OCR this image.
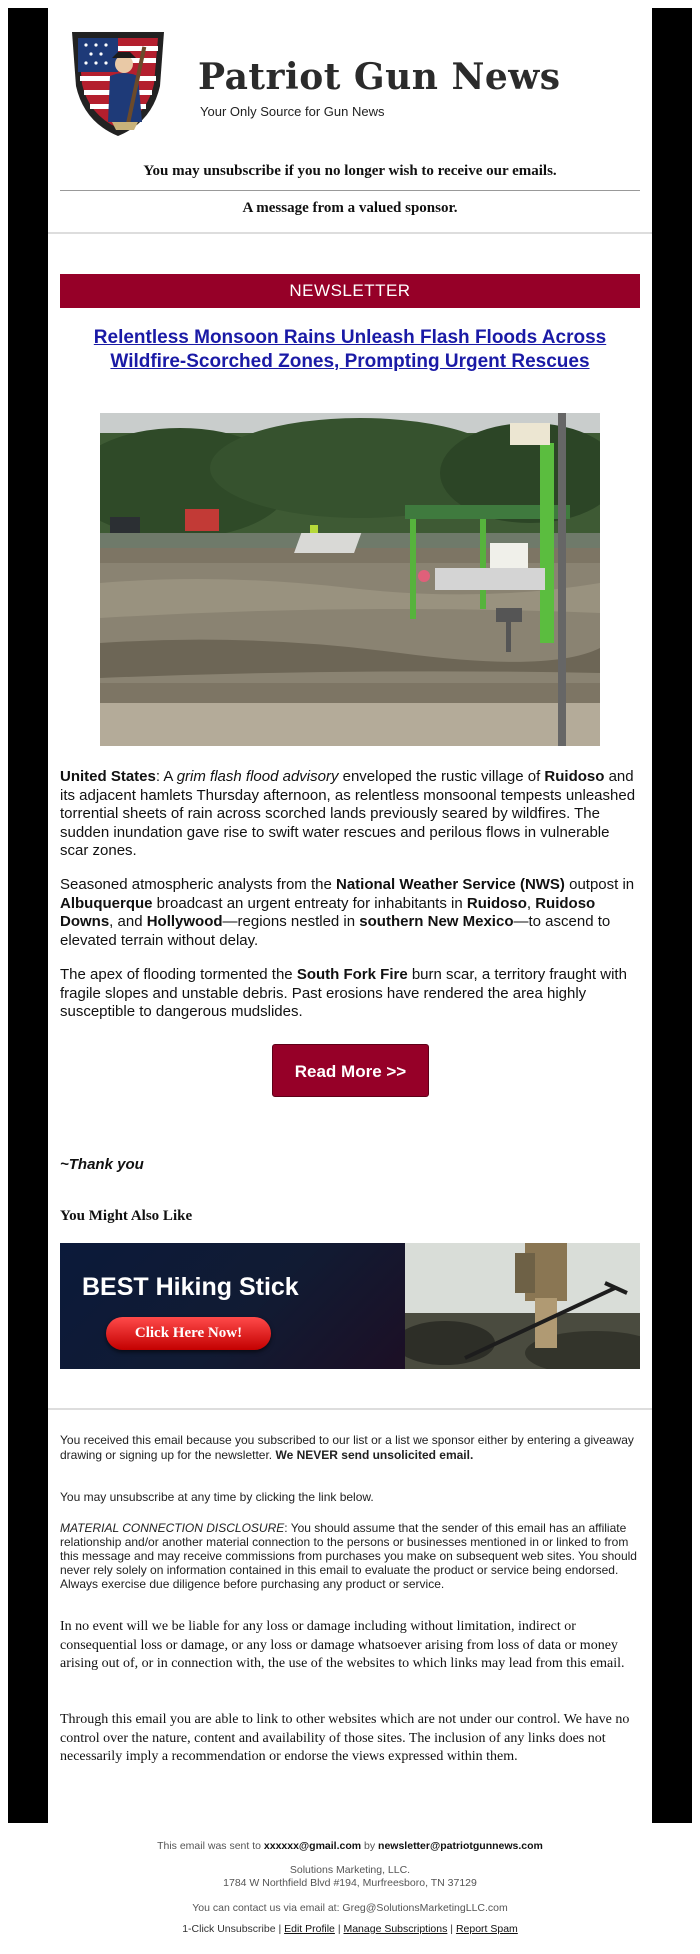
Patriot Gun News
Your Only Source for Gun News
You may unsubscribe if you no longer wish to receive our emails.
A message from a valued sponsor.
NEWSLETTER
Relentless Monsoon Rains Unleash Flash Floods Across Wildfire-Scorched Zones, Prompting Urgent Rescues
United States: A grim flash flood advisory enveloped the rustic village of Ruidoso and its adjacent hamlets Thursday afternoon, as relentless monsoonal tempests unleashed torrential sheets of rain across scorched lands previously seared by wildfires. The sudden inundation gave rise to swift water rescues and perilous flows in vulnerable scar zones.
Seasoned atmospheric analysts from the National Weather Service (NWS) outpost in Albuquerque broadcast an urgent entreaty for inhabitants in Ruidoso, Ruidoso Downs, and Hollywood—regions nestled in southern New Mexico—to ascend to elevated terrain without delay.
The apex of flooding tormented the South Fork Fire burn scar, a territory fraught with fragile slopes and unstable debris. Past erosions have rendered the area highly susceptible to dangerous mudslides.
Read More >>
~Thank you
You Might Also Like
BEST Hiking Stick
Click Here Now!
You received this email because you subscribed to our list or a list we sponsor either by entering a giveaway drawing or signing up for the newsletter. We NEVER send unsolicited email.
You may unsubscribe at any time by clicking the link below.
MATERIAL CONNECTION DISCLOSURE: You should assume that the sender of this email has an affiliate relationship and/or another material connection to the persons or businesses mentioned in or linked to from this message and may receive commissions from purchases you make on subsequent web sites. You should never rely solely on information contained in this email to evaluate the product or service being endorsed. Always exercise due diligence before purchasing any product or service.
In no event will we be liable for any loss or damage including without limitation, indirect or consequential loss or damage, or any loss or damage whatsoever arising from loss of data or money arising out of, or in connection with, the use of the websites to which links may lead from this email.
Through this email you are able to link to other websites which are not under our control. We have no control over the nature, content and availability of those sites. The inclusion of any links does not necessarily imply a recommendation or endorse the views expressed within them.
This email was sent to xxxxxx@gmail.com by newsletter@patriotgunnews.com
Solutions Marketing, LLC.
1784 W Northfield Blvd #194, Murfreesboro, TN 37129
You can contact us via email at: Greg@SolutionsMarketingLLC.com
1-Click Unsubscribe | Edit Profile | Manage Subscriptions | Report Spam
